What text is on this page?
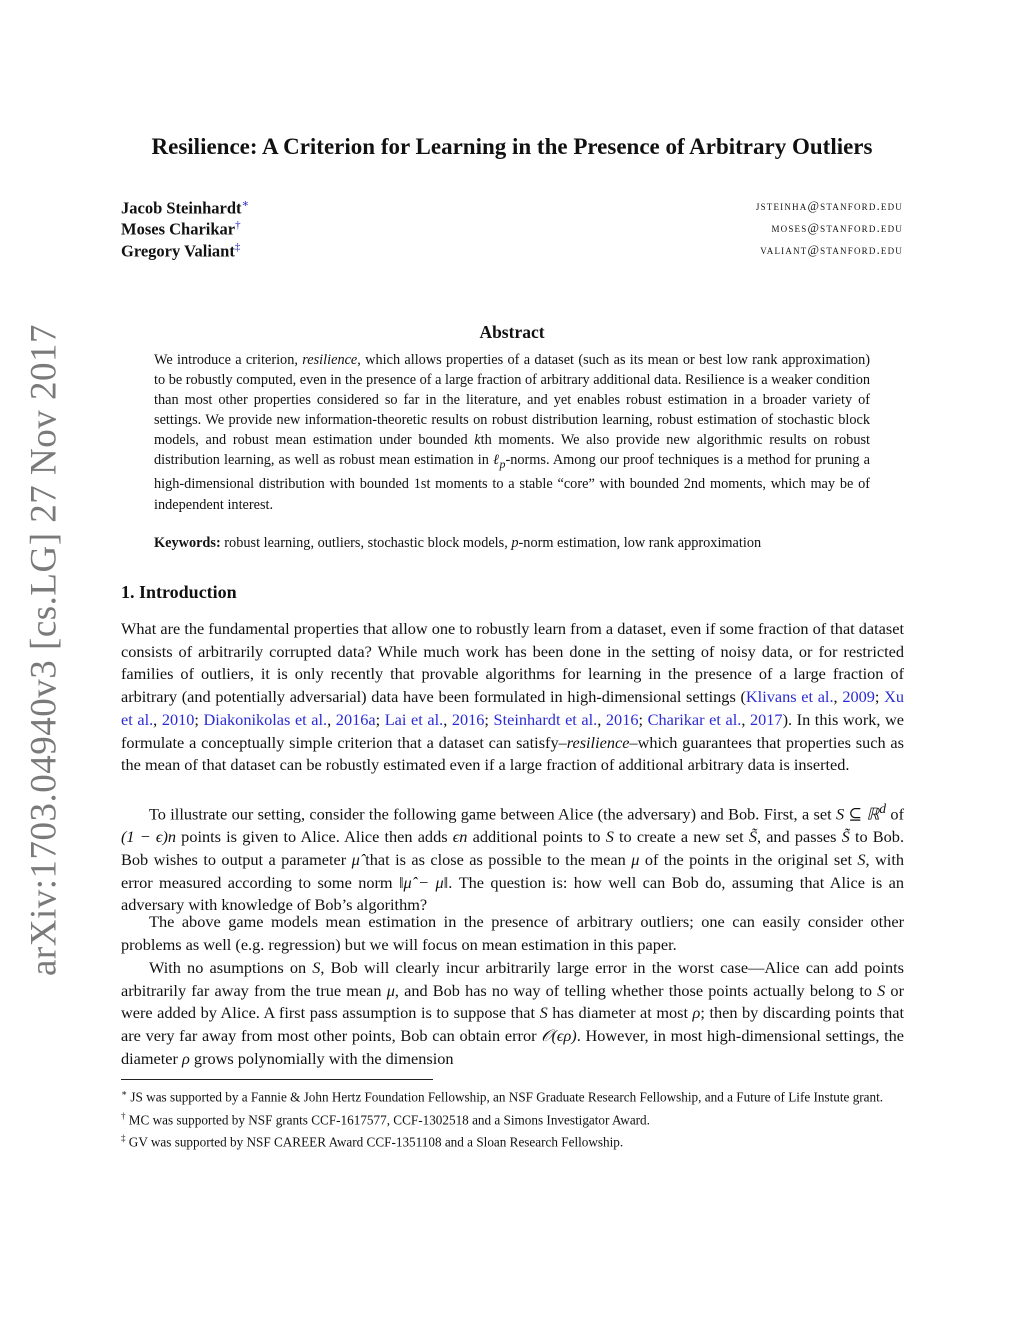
arXiv:1703.04940v3 [cs.LG] 27 Nov 2017
Resilience: A Criterion for Learning in the Presence of Arbitrary Outliers
Jacob Steinhardt∗	jsteinha@stanford.edu
Moses Charikar†	moses@stanford.edu
Gregory Valiant‡	valiant@stanford.edu
Abstract
We introduce a criterion, resilience, which allows properties of a dataset (such as its mean or best low rank approximation) to be robustly computed, even in the presence of a large fraction of arbitrary additional data. Resilience is a weaker condition than most other properties considered so far in the literature, and yet enables robust estimation in a broader variety of settings. We provide new information-theoretic results on robust distribution learning, robust estimation of stochastic block models, and robust mean estimation under bounded kth moments. We also provide new algorithmic results on robust distribution learning, as well as robust mean estimation in ℓ$_p$-norms. Among our proof techniques is a method for pruning a high-dimensional distribution with bounded 1st moments to a stable “core” with bounded 2nd moments, which may be of independent interest.
Keywords: robust learning, outliers, stochastic block models, p-norm estimation, low rank approximation
1. Introduction
What are the fundamental properties that allow one to robustly learn from a dataset, even if some fraction of that dataset consists of arbitrarily corrupted data? While much work has been done in the setting of noisy data, or for restricted families of outliers, it is only recently that provable algorithms for learning in the presence of a large fraction of arbitrary (and potentially adversarial) data have been formulated in high-dimensional settings (Klivans et al., 2009; Xu et al., 2010; Diakonikolas et al., 2016a; Lai et al., 2016; Steinhardt et al., 2016; Charikar et al., 2017). In this work, we formulate a conceptually simple criterion that a dataset can satisfy–resilience–which guarantees that properties such as the mean of that dataset can be robustly estimated even if a large fraction of additional arbitrary data is inserted.
To illustrate our setting, consider the following game between Alice (the adversary) and Bob. First, a set S ⊆ ℝ$^d$ of (1 − ϵ)n points is given to Alice. Alice then adds ϵn additional points to S to create a new set S̃, and passes S̃ to Bob. Bob wishes to output a parameter μ̂ that is as close as possible to the mean μ of the points in the original set S, with error measured according to some norm ‖μ̂ − μ‖. The question is: how well can Bob do, assuming that Alice is an adversary with knowledge of Bob’s algorithm?
The above game models mean estimation in the presence of arbitrary outliers; one can easily consider other problems as well (e.g. regression) but we will focus on mean estimation in this paper.
With no asumptions on S, Bob will clearly incur arbitrarily large error in the worst case—Alice can add points arbitrarily far away from the true mean μ, and Bob has no way of telling whether those points actually belong to S or were added by Alice. A first pass assumption is to suppose that S has diameter at most ρ; then by discarding points that are very far away from most other points, Bob can obtain error 𝒪(ϵρ). However, in most high-dimensional settings, the diameter ρ grows polynomially with the dimension
∗ JS was supported by a Fannie & John Hertz Foundation Fellowship, an NSF Graduate Research Fellowship, and a Future of Life Instute grant.
† MC was supported by NSF grants CCF-1617577, CCF-1302518 and a Simons Investigator Award.
‡ GV was supported by NSF CAREER Award CCF-1351108 and a Sloan Research Fellowship.
